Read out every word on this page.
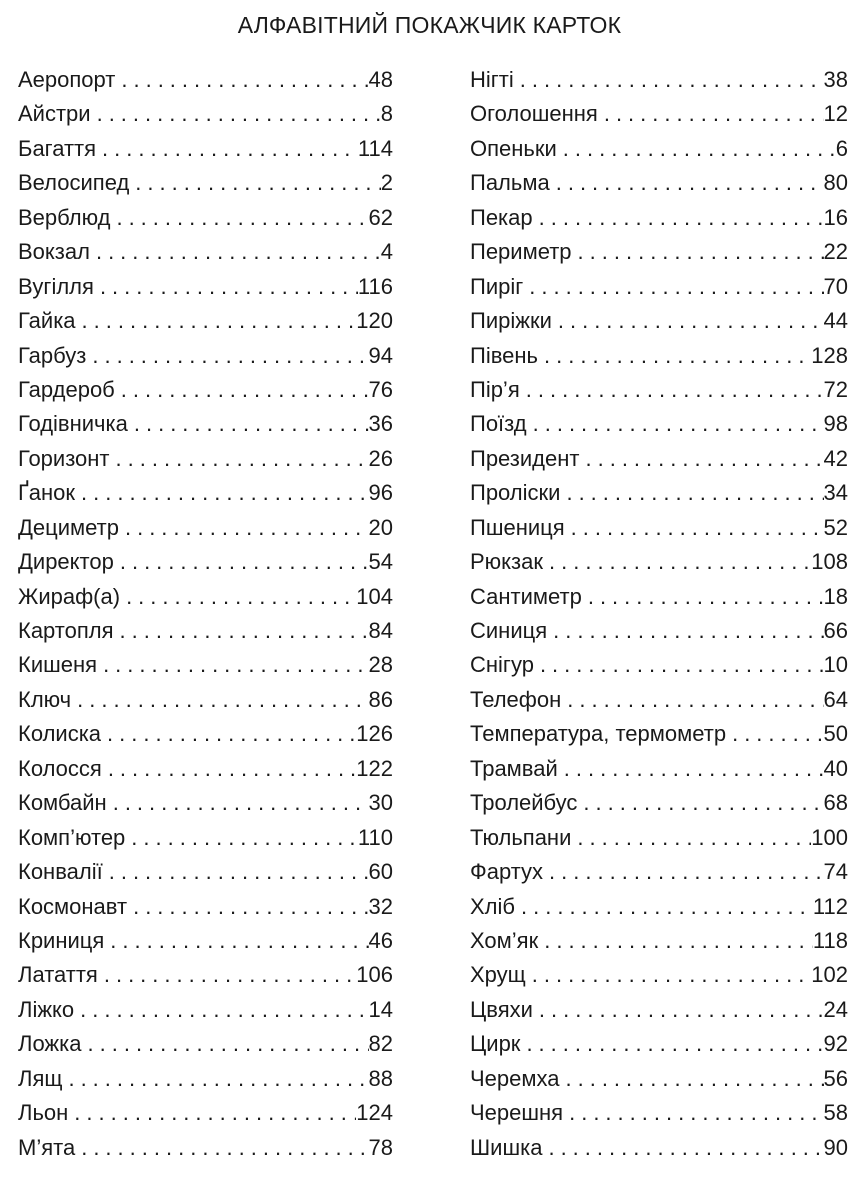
АЛФАВІТНИЙ ПОКАЖЧИК КАРТОК
Аеропорт .....	48
Айстри .....	8
Багаття .....	114
Велосипед .....	2
Верблюд .....	62
Вокзал .....	4
Вугілля .....	116
Гайка .....	120
Гарбуз .....	94
Гардероб .....	76
Годівничка .....	36
Горизонт .....	26
Ґанок .....	96
Дециметр .....	20
Директор .....	54
Жираф(а) .....	104
Картопля .....	84
Кишеня .....	28
Ключ .....	86
Колиска .....	126
Колосся .....	122
Комбайн .....	30
Комп’ютер .....	110
Конвалії .....	60
Космонавт .....	32
Криниця .....	46
Латаття .....	106
Ліжко .....	14
Ложка .....	82
Лящ .....	88
Льон .....	124
М’ята .....	78
Нігті .....	38
Оголошення .....	12
Опеньки .....	6
Пальма .....	80
Пекар .....	16
Периметр .....	22
Пиріг .....	70
Пиріжки .....	44
Півень .....	128
Пір’я .....	72
Поїзд .....	98
Президент .....	42
Проліски .....	34
Пшениця .....	52
Рюкзак .....	108
Сантиметр .....	18
Синиця .....	66
Снігур .....	10
Телефон .....	64
Температура, термометр .....	50
Трамвай .....	40
Тролейбус .....	68
Тюльпани .....	100
Фартух .....	74
Хліб .....	112
Хом’як .....	118
Хрущ .....	102
Цвяхи .....	24
Цирк .....	92
Черемха .....	56
Черешня .....	58
Шишка .....	90
